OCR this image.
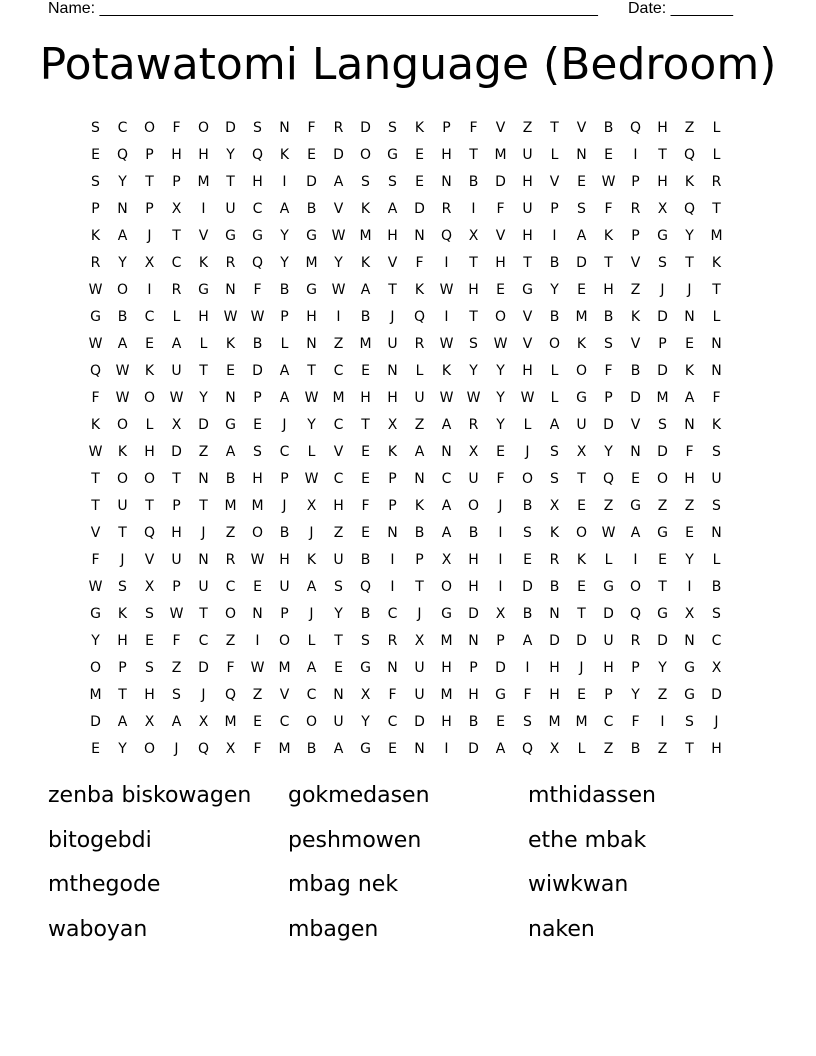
Name: ________________________________________________________ Date: _______
Potawatomi Language (Bedroom)
S	C	O	F	O	D	S	N	F	R	D	S	K	P	F	V	Z	T	V	B	Q	H	Z	L
E	Q	P	H	H	Y	Q	K	E	D	O	G	E	H	T	M	U	L	N	E	I	T	Q	L
S	Y	T	P	M	T	H	I	D	A	S	S	E	N	B	D	H	V	E	W	P	H	K	R
P	N	P	X	I	U	C	A	B	V	K	A	D	R	I	F	U	P	S	F	R	X	Q	T
K	A	J	T	V	G	G	Y	G	W	M	H	N	Q	X	V	H	I	A	K	P	G	Y	M
R	Y	X	C	K	R	Q	Y	M	Y	K	V	F	I	T	H	T	B	D	T	V	S	T	K
W	O	I	R	G	N	F	B	G	W	A	T	K	W	H	E	G	Y	E	H	Z	J	J	T
G	B	C	L	H	W W	P	H	I	B	J	Q	I	T	O	V	B	M	B	K	D	N	L
W	A	E	A	L	K	B	L	N	Z	M	U	R	W	S	W	V	O	K	S	V	P	E	N
Q	W	K	U	T	E	D	A	T	C	E	N	L	K	Y	Y	H	L	O	F	B	D	K	N
F	W	O	W	Y	N	P	A	W	M	H	H	U	W W	Y	W	L	G	P	D	M	A	F
K	O	L	X	D	G	E	J	Y	C	T	X	Z	A	R	Y	L	A	U	D	V	S	N	K
W	K	H	D	Z	A	S	C	L	V	E	K	A	N	X	E	J	S	X	Y	N	D	F	S
T	O	O	T	N	B	H	P	W	C	E	P	N	C	U	F	O	S	T	Q	E	O	H	U
T	U	T	P	T	M	M	J	X	H	F	P	K	A	O	J	B	X	E	Z	G	Z	Z	S
V	T	Q	H	J	Z	O	B	J	Z	E	N	B	A	B	I	S	K	O	W	A	G	E	N
F	J	V	U	N	R	W	H	K	U	B	I	P	X	H	I	E	R	K	L	I	E	Y	L
W	S	X	P	U	C	E	U	A	S	Q	I	T	O	H	I	D	B	E	G	O	T	I	B
G	K	S	W	T	O	N	P	J	Y	B	C	J	G	D	X	B	N	T	D	Q	G	X	S
Y	H	E	F	C	Z	I	O	L	T	S	R	X	M	N	P	A	D	D	U	R	D	N	C
O	P	S	Z	D	F	W	M	A	E	G	N	U	H	P	D	I	H	J	H	P	Y	G	X
M	T	H	S	J	Q	Z	V	C	N	X	F	U	M	H	G	F	H	E	P	Y	Z	G	D
D	A	X	A	X	M	E	C	O	U	Y	C	D	H	B	E	S	M	M	C	F	I	S	J
E	Y	O	J	Q	X	F	M	B	A	G	E	N	I	D	A	Q	X	L	Z	B	Z	T	H
zenba biskowagen	gokmedasen	mthidassen
bitogebdi	peshmowen	ethe mbak
mthegode	mbag nek	wiwkwan
waboyan	mbagen	naken
